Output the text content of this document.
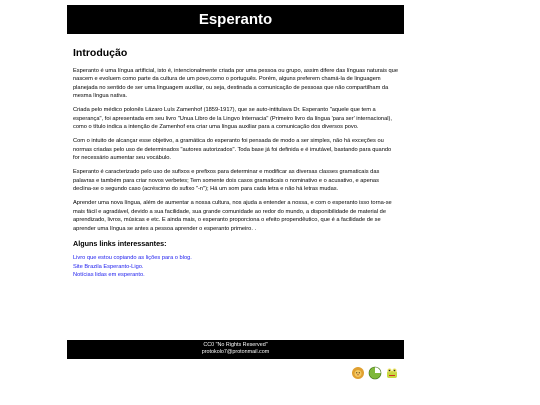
Esperanto
Introdução

Esperanto é uma língua artificial, isto é, intencionalmente criada por uma pessoa ou grupo, assim difere das línguas naturais que nascem e evoluem como parte da cultura de um povo,como o português. Porém, alguns preferem chamá-la de linguagem planejada no sentido de ser uma linguagem auxiliar, ou seja, destinada a comunicação de pessoas que não compartilham da mesma língua nativa.

Criada pelo médico polonês Lázaro Luís Zamenhof (1859-1917), que se auto-intitulava Dr. Esperanto "aquele que tem a esperança", foi apresentada em seu livro "Unua Libro de la Lingvo Internacia" (Primeiro livro da língua 'para ser' internacional), como o título indica a intenção de Zamenhof era criar uma língua auxiliar para a comunicação dos diversos povo.

Com o intuito de alcançar esse objetivo, a gramática do esperanto foi pensada de modo a ser simples, não há exceções ou normas criadas pelo uso de determinados "autores autorizados". Toda base já foi definida e é imutável, bastando para quando for necessário aumentar seu vocábulo.

Esperanto é caracterizado pelo uso de sufixos e prefixos para determinar e modificar as diversas classes gramaticais das palavras e também para criar novos verbetes; Tem somente dois casos gramaticais o nominativo e o acusativo, e apenas declina-se o segundo caso (acréscimo do sufixo "-n"); Há um som para cada letra e não há letras mudas.

Aprender uma nova língua, além de aumentar a nossa cultura, nos ajuda a entender a nossa, e com o esperanto isso torna-se mais fácil e agradável, devido a sua facilidade, sua grande comunidade ao redor do mundo, a disponibilidade de material de aprendizado, livros, músicas e etc. E ainda mais, o esperanto proporciona o efeito propendêutico, que é a facilidade de se aprender uma língua se antes a pessoa aprender o esperanto primeiro. .

Alguns links interessantes:
Livro que estou copiando as lições para o blog.
Site Brazila Esperanto-Ligo.
Notícias lidas em esperanto.
CC0 "No Rights Reserved"
protokolo7@protonmail.com
